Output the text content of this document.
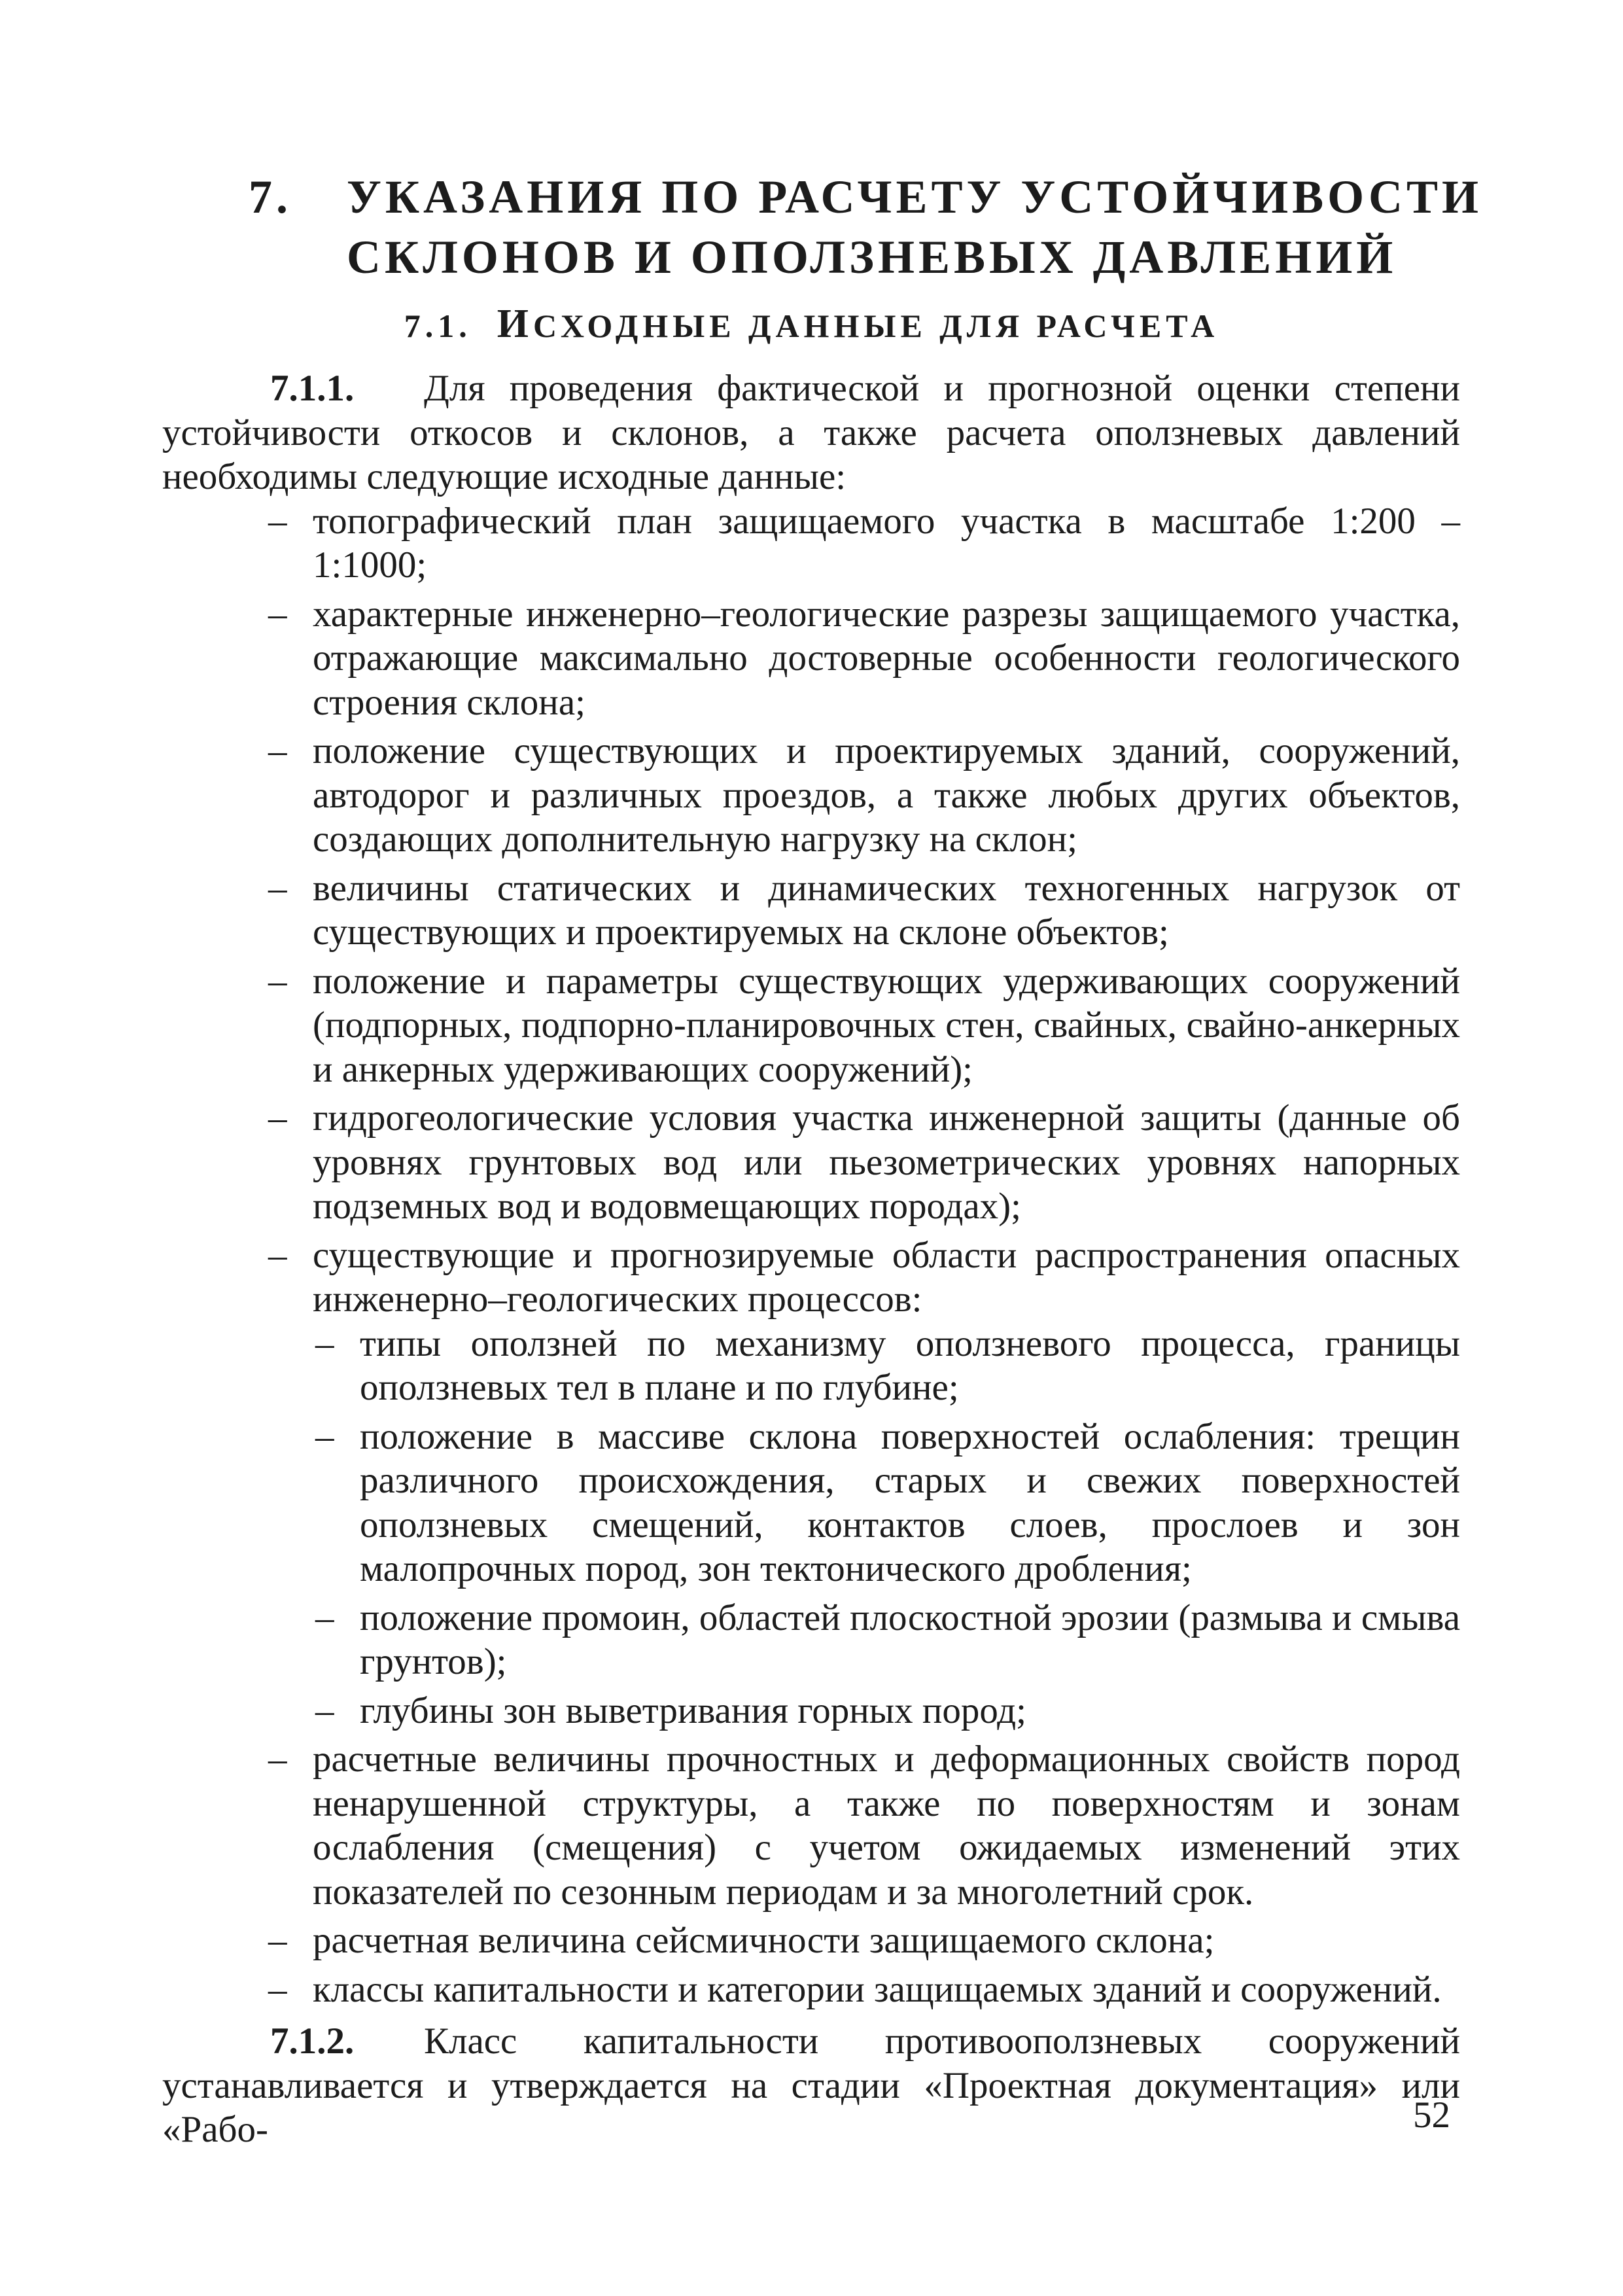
7. УКАЗАНИЯ ПО РАСЧЕТУ УСТОЙЧИВОСТИ
СКЛОНОВ И ОПОЛЗНЕВЫХ ДАВЛЕНИЙ
7.1. ИСХОДНЫЕ ДАННЫЕ ДЛЯ РАСЧЕТА

7.1.1. Для проведения фактической и прогнозной оценки степени устойчивости откосов и склонов, а также расчета оползневых давлений необходимы следующие исходные данные:

– топографический план защищаемого участка в масштабе 1:200 – 1:1000;
– характерные инженерно–геологические разрезы защищаемого участка, отражающие максимально достоверные особенности геологического строения склона;
– положение существующих и проектируемых зданий, сооружений, автодорог и различных проездов, а также любых других объектов, создающих дополнительную нагрузку на склон;
– величины статических и динамических техногенных нагрузок от существующих и проектируемых на склоне объектов;
– положение и параметры существующих удерживающих сооружений (подпорных, подпорно-планировочных стен, свайных, свайно-анкерных и анкерных удерживающих сооружений);
– гидрогеологические условия участка инженерной защиты (данные об уровнях грунтовых вод или пьезометрических уровнях напорных подземных вод и водовмещающих породах);
– существующие и прогнозируемые области распространения опасных инженерно–геологических процессов:
– типы оползней по механизму оползневого процесса, границы оползневых тел в плане и по глубине;
– положение в массиве склона поверхностей ослабления: трещин различного происхождения, старых и свежих поверхностей оползневых смещений, контактов слоев, прослоев и зон малопрочных пород, зон тектонического дробления;
– положение промоин, областей плоскостной эрозии (размыва и смыва грунтов);
– глубины зон выветривания горных пород;
– расчетные величины прочностных и деформационных свойств пород ненарушенной структуры, а также по поверхностям и зонам ослабления (смещения) с учетом ожидаемых изменений этих показателей по сезонным периодам и за многолетний срок.
– расчетная величина сейсмичности защищаемого склона;
– классы капитальности и категории защищаемых зданий и сооружений.

7.1.2. Класс капитальности противооползневых сооружений устанавливается и утверждается на стадии «Проектная документация» или «Рабо-	52
